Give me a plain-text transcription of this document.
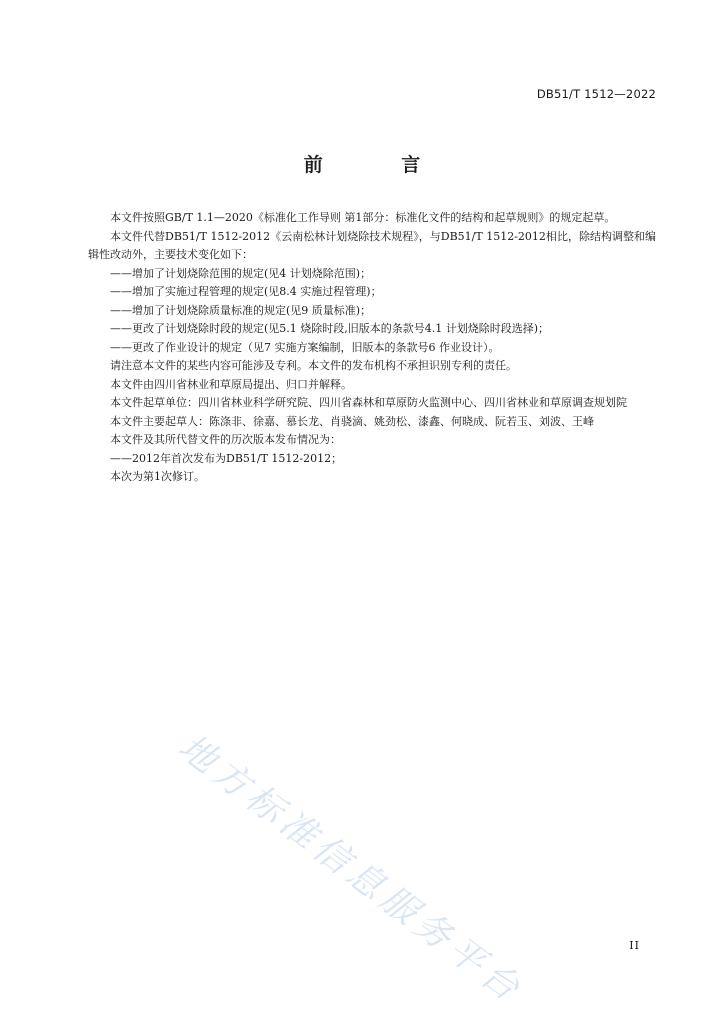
DB51/T 1512—2022
前 言

本文件按照GB/T 1.1—2020《标准化工作导则 第1部分：标准化文件的结构和起草规则》的规定起草。

本文件代替DB51/T 1512-2012《云南松林计划烧除技术规程》，与DB51/T 1512-2012相比，除结构调整和编辑性改动外，主要技术变化如下：

——增加了计划烧除范围的规定(见4 计划烧除范围)；

——增加了实施过程管理的规定(见8.4 实施过程管理)；

——增加了计划烧除质量标准的规定(见9 质量标准)；

——更改了计划烧除时段的规定(见5.1 烧除时段,旧版本的条款号4.1 计划烧除时段选择)；

——更改了作业设计的规定（见7 实施方案编制，旧版本的条款号6 作业设计）。

请注意本文件的某些内容可能涉及专利。本文件的发布机构不承担识别专利的责任。

本文件由四川省林业和草原局提出、归口并解释。

本文件起草单位：四川省林业科学研究院、四川省森林和草原防火监测中心、四川省林业和草原调查规划院

本文件主要起草人：陈涤非、徐嘉、慕长龙、肖骁滴、姚劲松、漆鑫、何晓成、阮若玉、刘波、王峰

本文件及其所代替文件的历次版本发布情况为：

——2012年首次发布为DB51/T 1512-2012；

本次为第1次修订。

地方标准信息服务平台	II
